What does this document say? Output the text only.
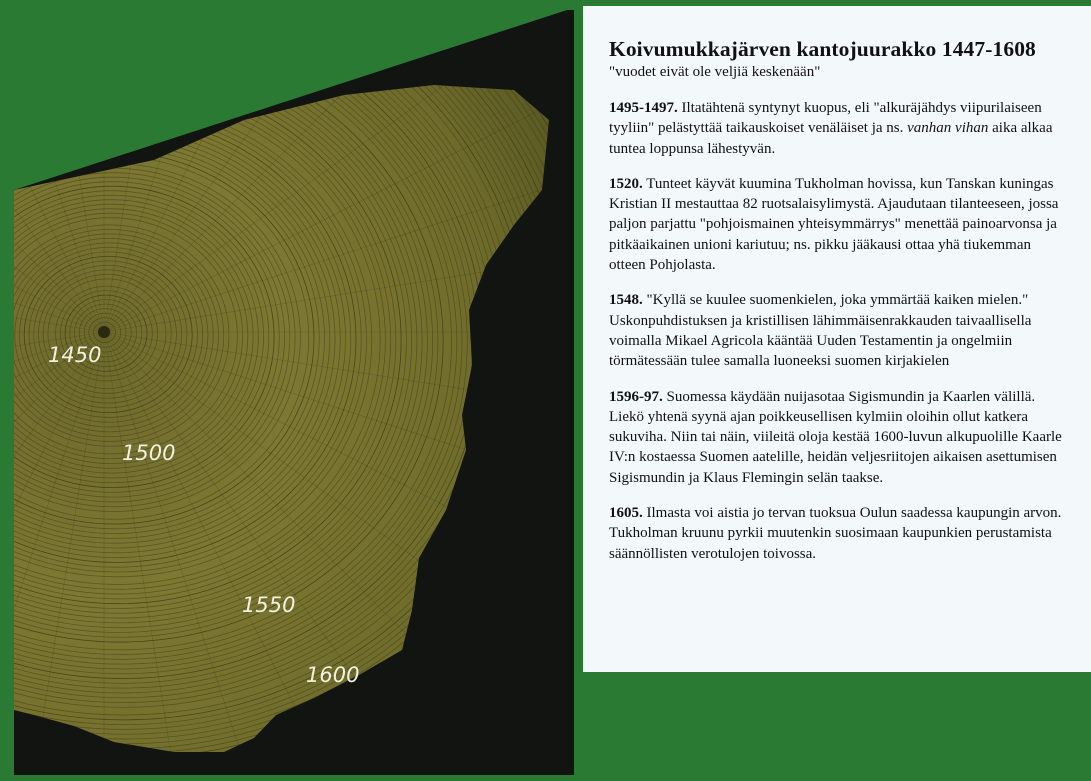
1450
1500
1550
1600

Koivumukkajärven kantojuurakko 1447-1608

"vuodet eivät ole veljiä keskenään"

1495-1497. Iltatähtenä syntynyt kuopus, eli "alkuräjähdys viipurilaiseen tyyliin" pelästyttää taikauskoiset venäläiset ja ns. vanhan vihan aika alkaa tuntea loppunsa lähestyvän.

1520. Tunteet käyvät kuumina Tukholman hovissa, kun Tanskan kuningas Kristian II mestauttaa 82 ruotsalaisylimystä. Ajaudutaan tilanteeseen, jossa paljon parjattu "pohjoismainen yhteisymmärrys" menettää painoarvonsa ja pitkäaikainen unioni kariutuu; ns. pikku jääkausi ottaa yhä tiukemman otteen Pohjolasta.

1548. "Kyllä se kuulee suomenkielen, joka ymmärtää kaiken mielen." Uskonpuhdistuksen ja kristillisen lähimmäisenrakkauden taivaallisella voimalla Mikael Agricola kääntää Uuden Testamentin ja ongelmiin törmätessään tulee samalla luoneeksi suomen kirjakielen

1596-97. Suomessa käydään nuijasotaa Sigismundin ja Kaarlen välillä. Liekö yhtenä syynä ajan poikkeusellisen kylmiin oloihin ollut katkera sukuviha. Niin tai näin, viileitä oloja kestää 1600-luvun alkupuolille Kaarle IV:n kostaessa Suomen aatelille, heidän veljesriitojen aikaisen asettumisen Sigismundin ja Klaus Flemingin selän taakse.

1605. Ilmasta voi aistia jo tervan tuoksua Oulun saadessa kaupungin arvon. Tukholman kruunu pyrkii muutenkin suosimaan kaupunkien perustamista säännöllisten verotulojen toivossa.
